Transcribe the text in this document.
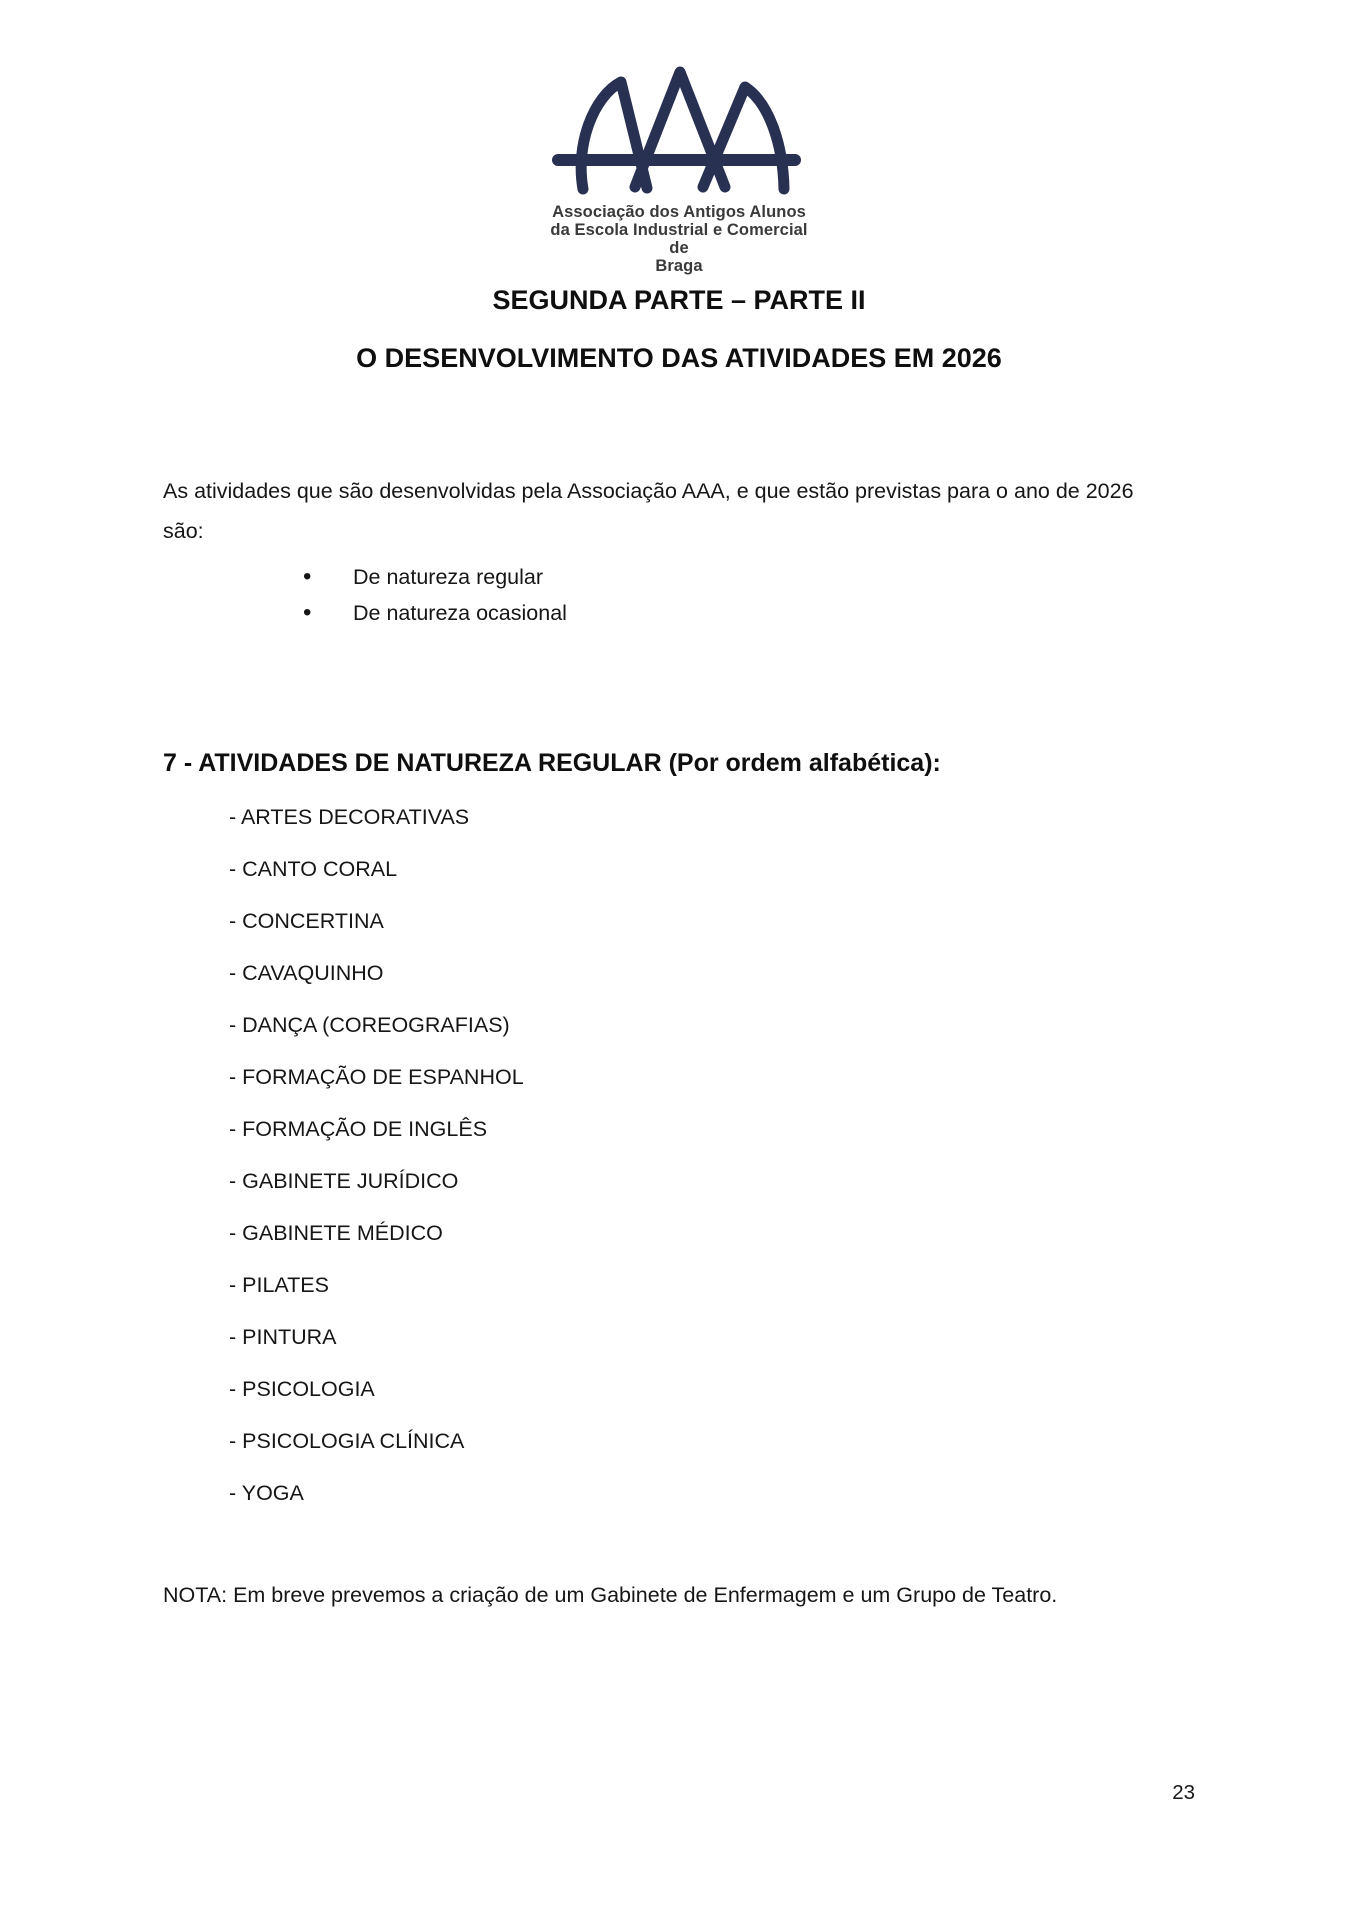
Associação dos Antigos Alunos
da Escola Industrial e Comercial
de
Braga
SEGUNDA PARTE – PARTE II
O DESENVOLVIMENTO DAS ATIVIDADES EM 2026
As atividades que são desenvolvidas pela Associação AAA, e que estão previstas para o ano de 2026
são:
• De natureza regular
• De natureza ocasional
7 - ATIVIDADES DE NATUREZA REGULAR (Por ordem alfabética):
- ARTES DECORATIVAS
- CANTO CORAL
- CONCERTINA
- CAVAQUINHO
- DANÇA (COREOGRAFIAS)
- FORMAÇÃO DE ESPANHOL
- FORMAÇÃO DE INGLÊS
- GABINETE JURÍDICO
- GABINETE MÉDICO
- PILATES
- PINTURA
- PSICOLOGIA
- PSICOLOGIA CLÍNICA
- YOGA
NOTA: Em breve prevemos a criação de um Gabinete de Enfermagem e um Grupo de Teatro.
23
